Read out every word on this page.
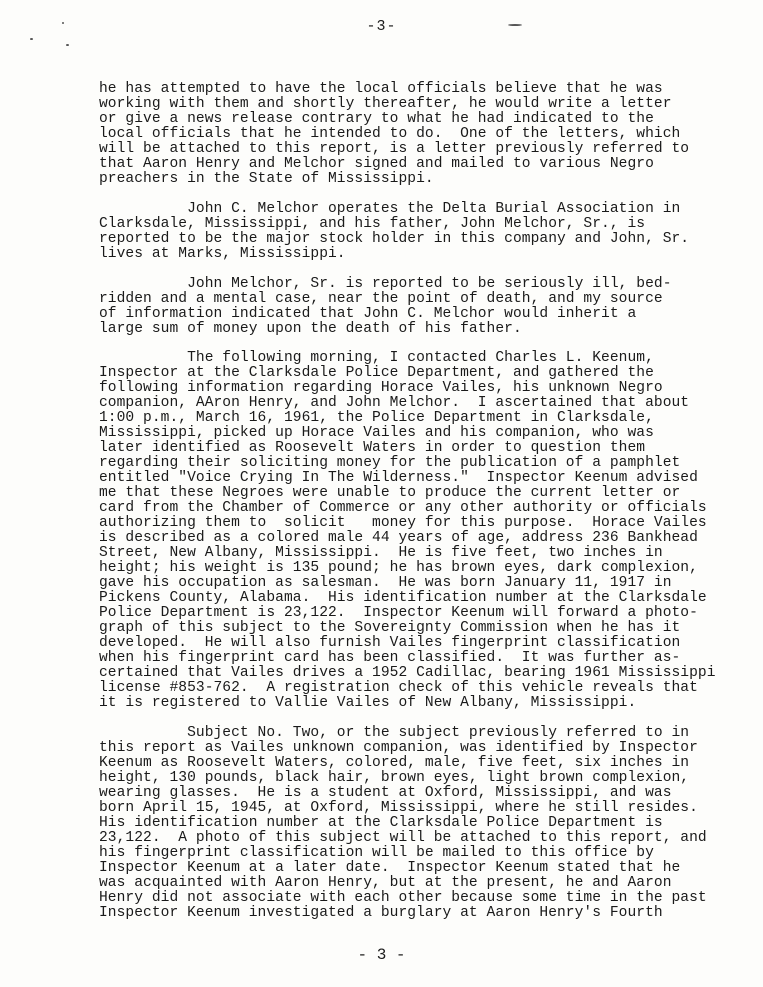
-3-
he has attempted to have the local officials believe that he was
working with them and shortly thereafter, he would write a letter
or give a news release contrary to what he had indicated to the
local officials that he intended to do.  One of the letters, which
will be attached to this report, is a letter previously referred to
that Aaron Henry and Melchor signed and mailed to various Negro
preachers in the State of Mississippi.
John C. Melchor operates the Delta Burial Association in
Clarksdale, Mississippi, and his father, John Melchor, Sr., is
reported to be the major stock holder in this company and John, Sr.
lives at Marks, Mississippi.
John Melchor, Sr. is reported to be seriously ill, bed-
ridden and a mental case, near the point of death, and my source
of information indicated that John C. Melchor would inherit a
large sum of money upon the death of his father.
The following morning, I contacted Charles L. Keenum,
Inspector at the Clarksdale Police Department, and gathered the
following information regarding Horace Vailes, his unknown Negro
companion, AAron Henry, and John Melchor.  I ascertained that about
1:00 p.m., March 16, 1961, the Police Department in Clarksdale,
Mississippi, picked up Horace Vailes and his companion, who was
later identified as Roosevelt Waters in order to question them
regarding their soliciting money for the publication of a pamphlet
entitled "Voice Crying In The Wilderness."  Inspector Keenum advised
me that these Negroes were unable to produce the current letter or
card from the Chamber of Commerce or any other authority or officials
authorizing them to  solicit   money for this purpose.  Horace Vailes
is described as a colored male 44 years of age, address 236 Bankhead
Street, New Albany, Mississippi.  He is five feet, two inches in
height; his weight is 135 pound; he has brown eyes, dark complexion,
gave his occupation as salesman.  He was born January 11, 1917 in
Pickens County, Alabama.  His identification number at the Clarksdale
Police Department is 23,122.  Inspector Keenum will forward a photo-
graph of this subject to the Sovereignty Commission when he has it
developed.  He will also furnish Vailes fingerprint classification
when his fingerprint card has been classified.  It was further as-
certained that Vailes drives a 1952 Cadillac, bearing 1961 Mississippi
license #853-762.  A registration check of this vehicle reveals that
it is registered to Vallie Vailes of New Albany, Mississippi.
Subject No. Two, or the subject previously referred to in
this report as Vailes unknown companion, was identified by Inspector
Keenum as Roosevelt Waters, colored, male, five feet, six inches in
height, 130 pounds, black hair, brown eyes, light brown complexion,
wearing glasses.  He is a student at Oxford, Mississippi, and was
born April 15, 1945, at Oxford, Mississippi, where he still resides.
His identification number at the Clarksdale Police Department is
23,122.  A photo of this subject will be attached to this report, and
his fingerprint classification will be mailed to this office by
Inspector Keenum at a later date.  Inspector Keenum stated that he
was acquainted with Aaron Henry, but at the present, he and Aaron
Henry did not associate with each other because some time in the past
Inspector Keenum investigated a burglary at Aaron Henry's Fourth
- 3 -
